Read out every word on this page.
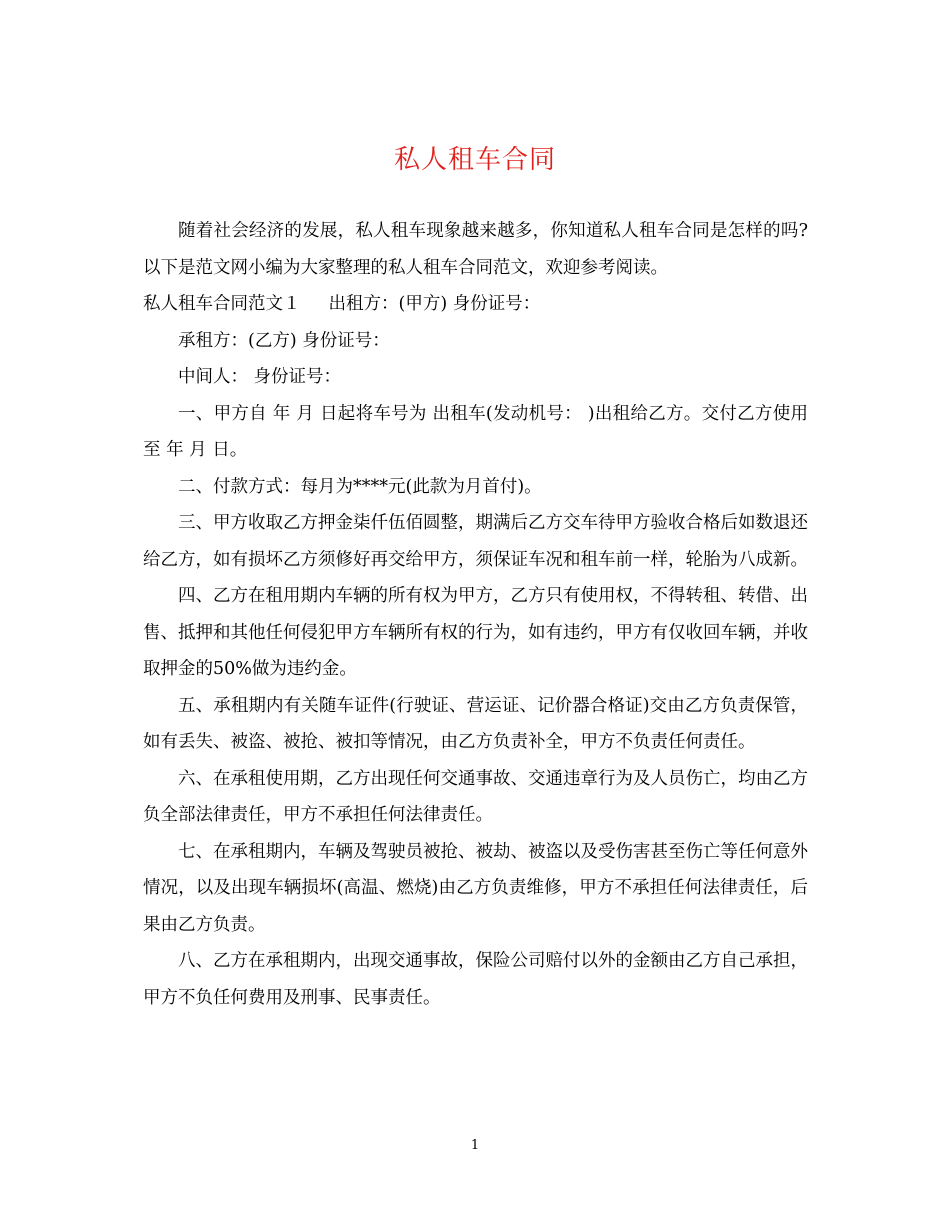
私人租车合同

随着社会经济的发展，私人租车现象越来越多，你知道私人租车合同是怎样的吗?以下是范文网小编为大家整理的私人租车合同范文，欢迎参考阅读。

私人租车合同范文１ 出租方：(甲方) 身份证号：

承租方：(乙方) 身份证号：

中间人： 身份证号：

一、甲方自 年 月 日起将车号为 出租车(发动机号： )出租给乙方。交付乙方使用至 年 月 日。

二、付款方式：每月为****元(此款为月首付)。

三、甲方收取乙方押金柒仟伍佰圆整，期满后乙方交车待甲方验收合格后如数退还给乙方，如有损坏乙方须修好再交给甲方，须保证车况和租车前一样，轮胎为八成新。

四、乙方在租用期内车辆的所有权为甲方，乙方只有使用权，不得转租、转借、出售、抵押和其他任何侵犯甲方车辆所有权的行为，如有违约，甲方有仅收回车辆，并收取押金的50%做为违约金。

五、承租期内有关随车证件(行驶证、营运证、记价器合格证)交由乙方负责保管，如有丢失、被盗、被抢、被扣等情况，由乙方负责补全，甲方不负责任何责任。

六、在承租使用期，乙方出现任何交通事故、交通违章行为及人员伤亡，均由乙方负全部法律责任，甲方不承担任何法律责任。

七、在承租期内，车辆及驾驶员被抢、被劫、被盗以及受伤害甚至伤亡等任何意外情况，以及出现车辆损坏(高温、燃烧)由乙方负责维修，甲方不承担任何法律责任，后果由乙方负责。

八、乙方在承租期内，出现交通事故，保险公司赔付以外的金额由乙方自己承担，甲方不负任何费用及刑事、民事责任。

1
